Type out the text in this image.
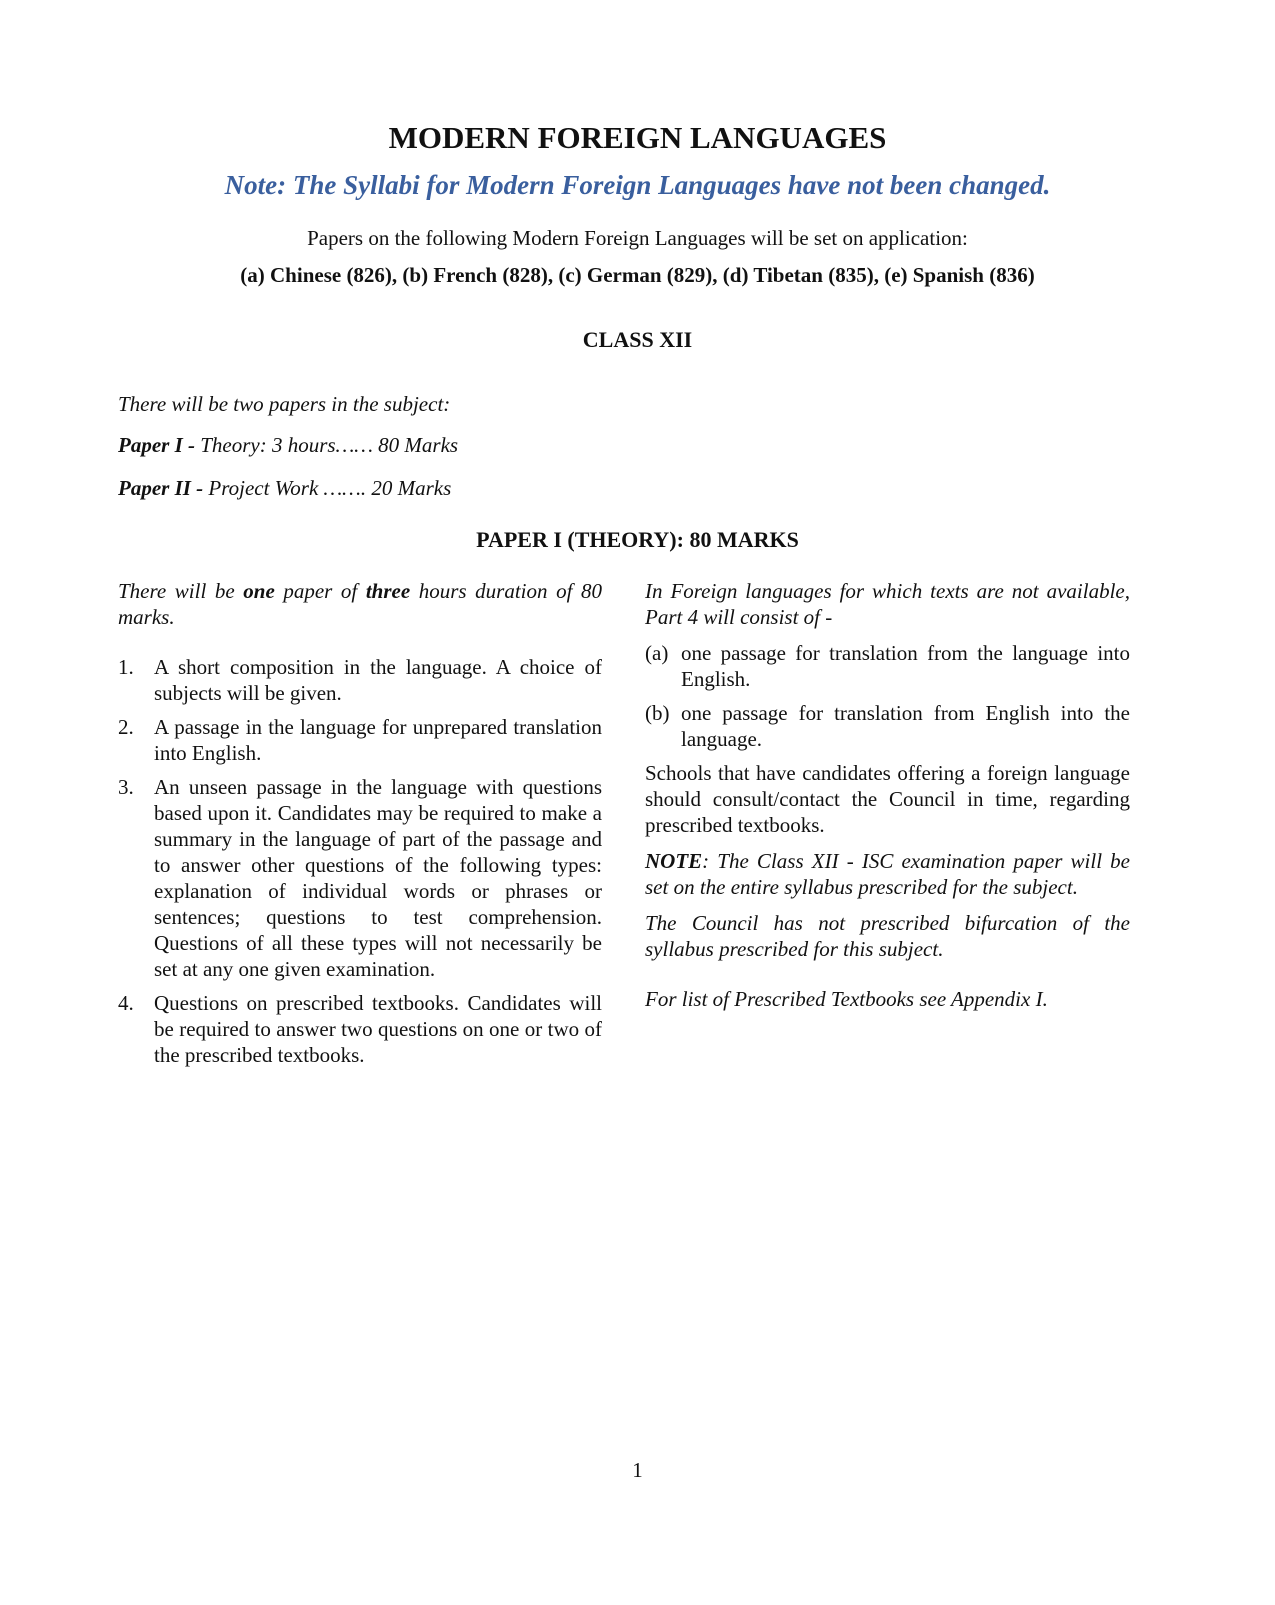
MODERN FOREIGN LANGUAGES
Note: The Syllabi for Modern Foreign Languages have not been changed.
Papers on the following Modern Foreign Languages will be set on application:
(a) Chinese (826), (b) French (828), (c) German (829), (d) Tibetan (835), (e) Spanish (836)
CLASS XII
There will be two papers in the subject:
Paper I - Theory: 3 hours…… 80 Marks
Paper II - Project Work ……. 20 Marks
PAPER I (THEORY): 80 MARKS

There will be one paper of three hours duration of 80 marks.

1. A short composition in the language. A choice of subjects will be given.
2. A passage in the language for unprepared translation into English.
3. An unseen passage in the language with questions based upon it. Candidates may be required to make a summary in the language of part of the passage and to answer other questions of the following types: explanation of individual words or phrases or sentences; questions to test comprehension. Questions of all these types will not necessarily be set at any one given examination.
4. Questions on prescribed textbooks. Candidates will be required to answer two questions on one or two of the prescribed textbooks.

In Foreign languages for which texts are not available, Part 4 will consist of -

(a) one passage for translation from the language into English.
(b) one passage for translation from English into the language.

Schools that have candidates offering a foreign language should consult/contact the Council in time, regarding prescribed textbooks.

NOTE: The Class XII - ISC examination paper will be set on the entire syllabus prescribed for the subject.

The Council has not prescribed bifurcation of the syllabus prescribed for this subject.

For list of Prescribed Textbooks see Appendix I.

1
